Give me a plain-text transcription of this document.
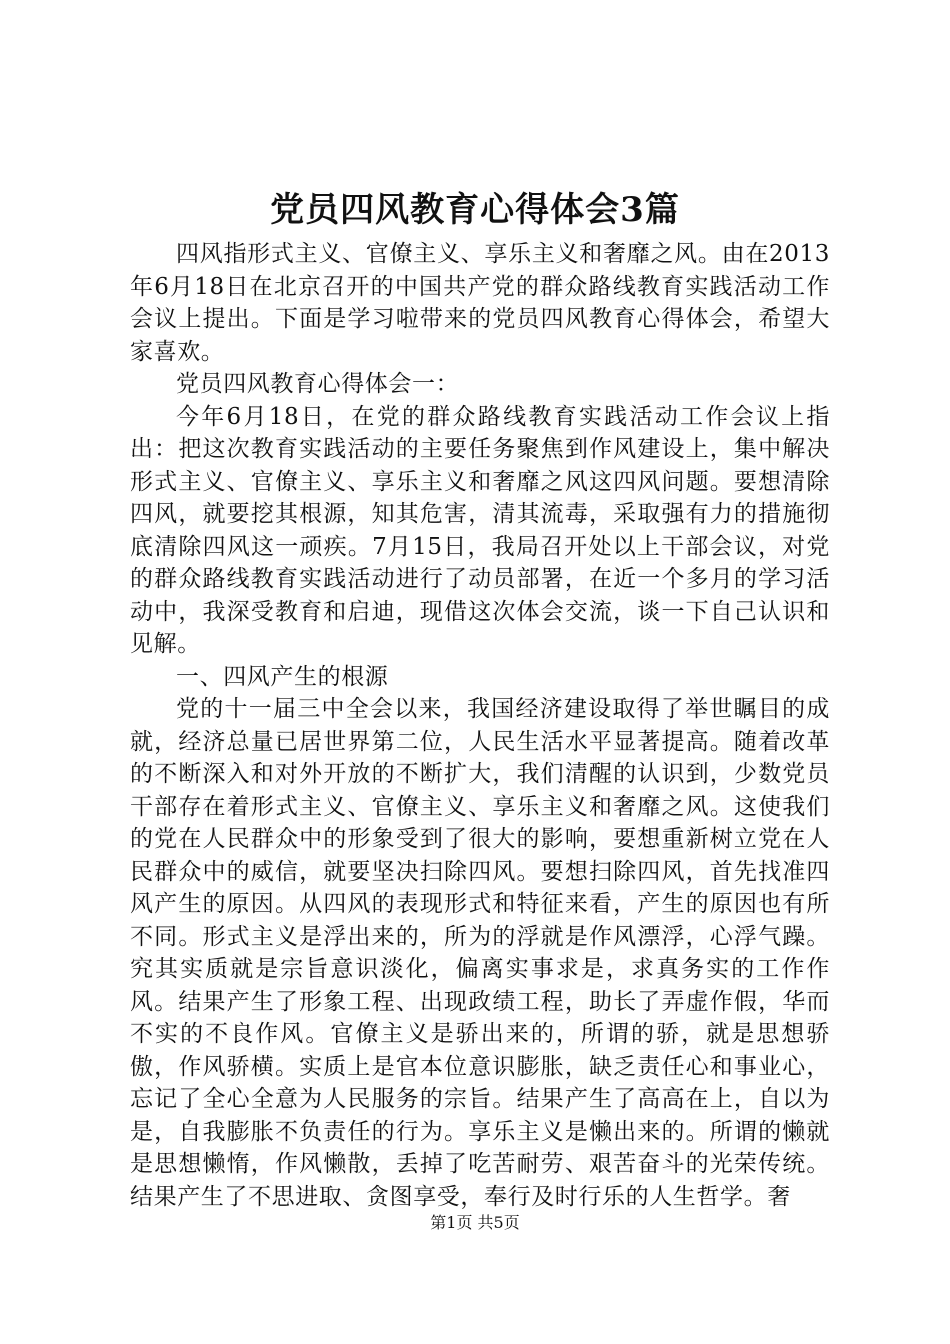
党员四风教育心得体会3篇

四风指形式主义、官僚主义、享乐主义和奢靡之风。由在2013年6月18日在北京召开的中国共产党的群众路线教育实践活动工作会议上提出。下面是学习啦带来的党员四风教育心得体会，希望大家喜欢。

党员四风教育心得体会一：

今年6月18日，在党的群众路线教育实践活动工作会议上指出：把这次教育实践活动的主要任务聚焦到作风建设上，集中解决形式主义、官僚主义、享乐主义和奢靡之风这四风问题。要想清除四风，就要挖其根源，知其危害，清其流毒，采取强有力的措施彻底清除四风这一顽疾。7月15日，我局召开处以上干部会议，对党的群众路线教育实践活动进行了动员部署，在近一个多月的学习活动中，我深受教育和启迪，现借这次体会交流，谈一下自己认识和见解。

一、四风产生的根源

党的十一届三中全会以来，我国经济建设取得了举世瞩目的成就，经济总量已居世界第二位，人民生活水平显著提高。随着改革的不断深入和对外开放的不断扩大，我们清醒的认识到，少数党员干部存在着形式主义、官僚主义、享乐主义和奢靡之风。这使我们的党在人民群众中的形象受到了很大的影响，要想重新树立党在人民群众中的威信，就要坚决扫除四风。要想扫除四风，首先找准四风产生的原因。从四风的表现形式和特征来看，产生的原因也有所不同。形式主义是浮出来的，所为的浮就是作风漂浮，心浮气躁。究其实质就是宗旨意识淡化，偏离实事求是，求真务实的工作作风。结果产生了形象工程、出现政绩工程，助长了弄虚作假，华而不实的不良作风。官僚主义是骄出来的，所谓的骄，就是思想骄傲，作风骄横。实质上是官本位意识膨胀，缺乏责任心和事业心，忘记了全心全意为人民服务的宗旨。结果产生了高高在上，自以为是，自我膨胀不负责任的行为。享乐主义是懒出来的。所谓的懒就是思想懒惰，作风懒散，丢掉了吃苦耐劳、艰苦奋斗的光荣传统。结果产生了不思进取、贪图享受，奉行及时行乐的人生哲学。奢

第1页 共5页
